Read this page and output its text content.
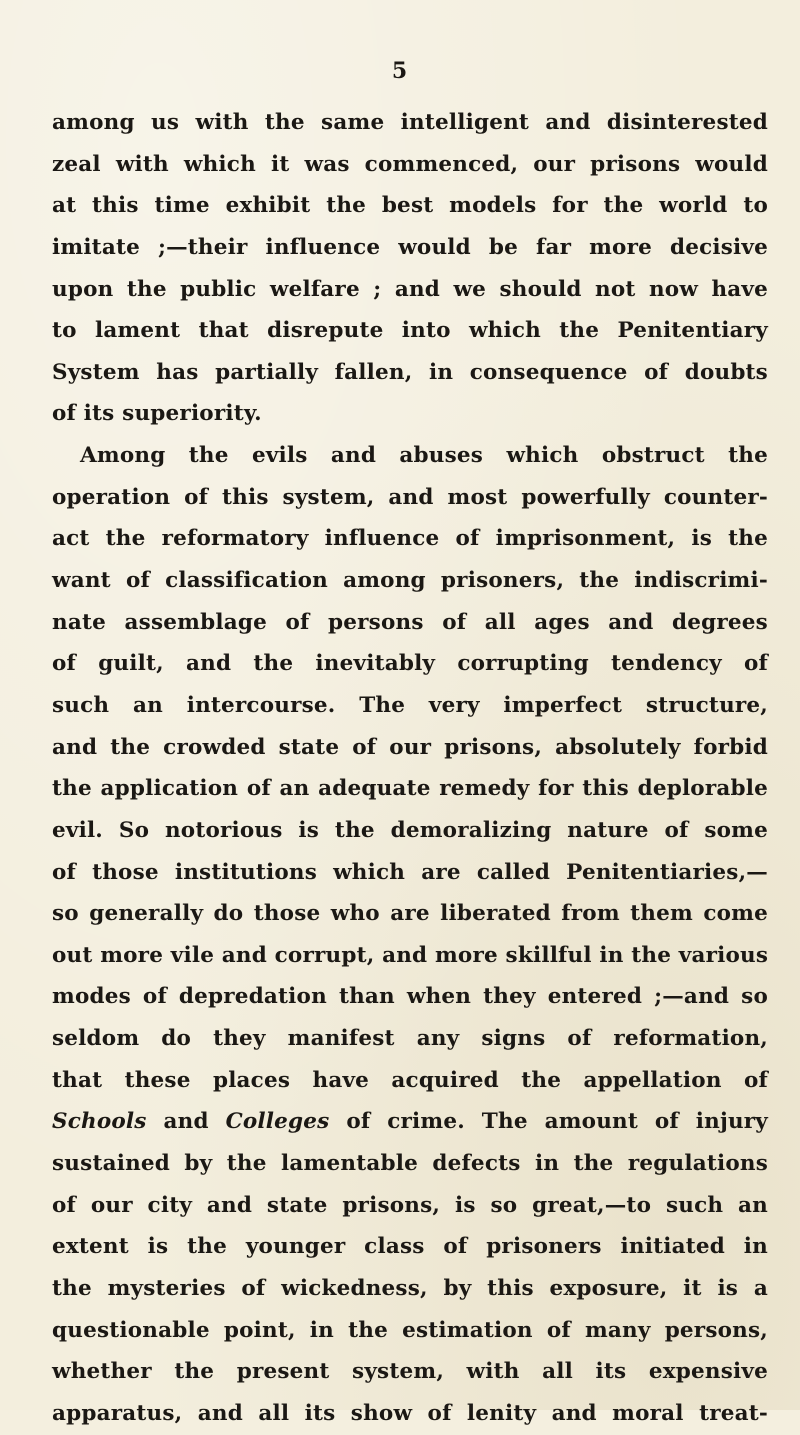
5

among us with the same intelligent and disinterested

zeal with which it was commenced, our prisons would

at this time exhibit the best models for the world to

imitate ;—their influence would be far more decisive

upon the public welfare ; and we should not now have

to lament that disrepute into which the Penitentiary

System has partially fallen, in consequence of doubts

of its superiority.

Among the evils and abuses which obstruct the

operation of this system, and most powerfully counter-

act the reformatory influence of imprisonment, is the

want of classification among prisoners, the indiscrimi-

nate assemblage of persons of all ages and degrees

of guilt, and the inevitably corrupting tendency of

such an intercourse. The very imperfect structure,

and the crowded state of our prisons, absolutely forbid

the application of an adequate remedy for this deplorable

evil. So notorious is the demoralizing nature of some

of those institutions which are called Penitentiaries,—

so generally do those who are liberated from them come

out more vile and corrupt, and more skillful in the various

modes of depredation than when they entered ;—and so

seldom do they manifest any signs of reformation,

that these places have acquired the appellation of

Schools and Colleges of crime. The amount of injury

sustained by the lamentable defects in the regulations

of our city and state prisons, is so great,—to such an

extent is the younger class of prisoners initiated in

the mysteries of wickedness, by this exposure, it is a

questionable point, in the estimation of many persons,

whether the present system, with all its expensive

apparatus, and all its show of lenity and moral treat-
